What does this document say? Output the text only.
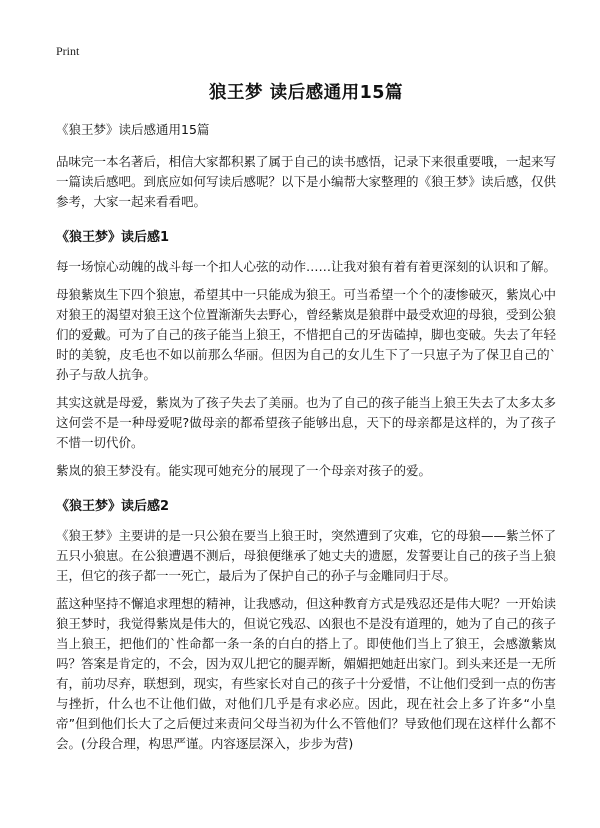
Print
狼王梦 读后感通用15篇
《狼王梦》读后感通用15篇

品味完一本名著后，相信大家都积累了属于自己的读书感悟，记录下来很重要哦，一起来写一篇读后感吧。到底应如何写读后感呢？以下是小编帮大家整理的《狼王梦》读后感，仅供参考，大家一起来看看吧。

《狼王梦》读后感1

每一场惊心动魄的战斗每一个扣人心弦的动作……让我对狼有着有着更深刻的认识和了解。

母狼紫岚生下四个狼崽，希望其中一只能成为狼王。可当希望一个个的凄惨破灭，紫岚心中对狼王的渴望对狼王这个位置渐渐失去野心，曾经紫岚是狼群中最受欢迎的母狼，受到公狼们的爱戴。可为了自己的孩子能当上狼王，不惜把自己的牙齿磕掉，脚也变破。失去了年轻时的美貌，皮毛也不如以前那么华丽。但因为自己的女儿生下了一只崽子为了保卫自己的`孙子与敌人抗争。

其实这就是母爱，紫岚为了孩子失去了美丽。也为了自己的孩子能当上狼王失去了太多太多这何尝不是一种母爱呢?做母亲的都希望孩子能够出息，天下的母亲都是这样的，为了孩子不惜一切代价。

紫岚的狼王梦没有。能实现可她充分的展现了一个母亲对孩子的爱。

《狼王梦》读后感2

《狼王梦》主要讲的是一只公狼在要当上狼王时，突然遭到了灾难，它的母狼——紫兰怀了五只小狼崽。在公狼遭遇不测后，母狼便继承了她丈夫的遗愿，发誓要让自己的孩子当上狼王，但它的孩子都一一死亡，最后为了保护自己的孙子与金雕同归于尽。

蓝这种坚持不懈追求理想的精神，让我感动，但这种教育方式是残忍还是伟大呢？一开始读狼王梦时，我觉得紫岚是伟大的，但说它残忍、凶狠也不是没有道理的，她为了自己的孩子当上狼王，把他们的`性命都一条一条的白白的搭上了。即使他们当上了狼王，会感激紫岚吗？答案是肯定的，不会，因为双儿把它的腿弄断，媚媚把她赶出家门。到头来还是一无所有，前功尽弃，联想到，现实，有些家长对自己的孩子十分爱惜，不让他们受到一点的伤害与挫折，什么也不让他们做，对他们几乎是有求必应。因此，现在社会上多了许多“小皇帝”但到他们长大了之后便过来责问父母当初为什么不管他们？导致他们现在这样什么都不会。(分段合理，构思严谨。内容逐层深入，步步为营)
